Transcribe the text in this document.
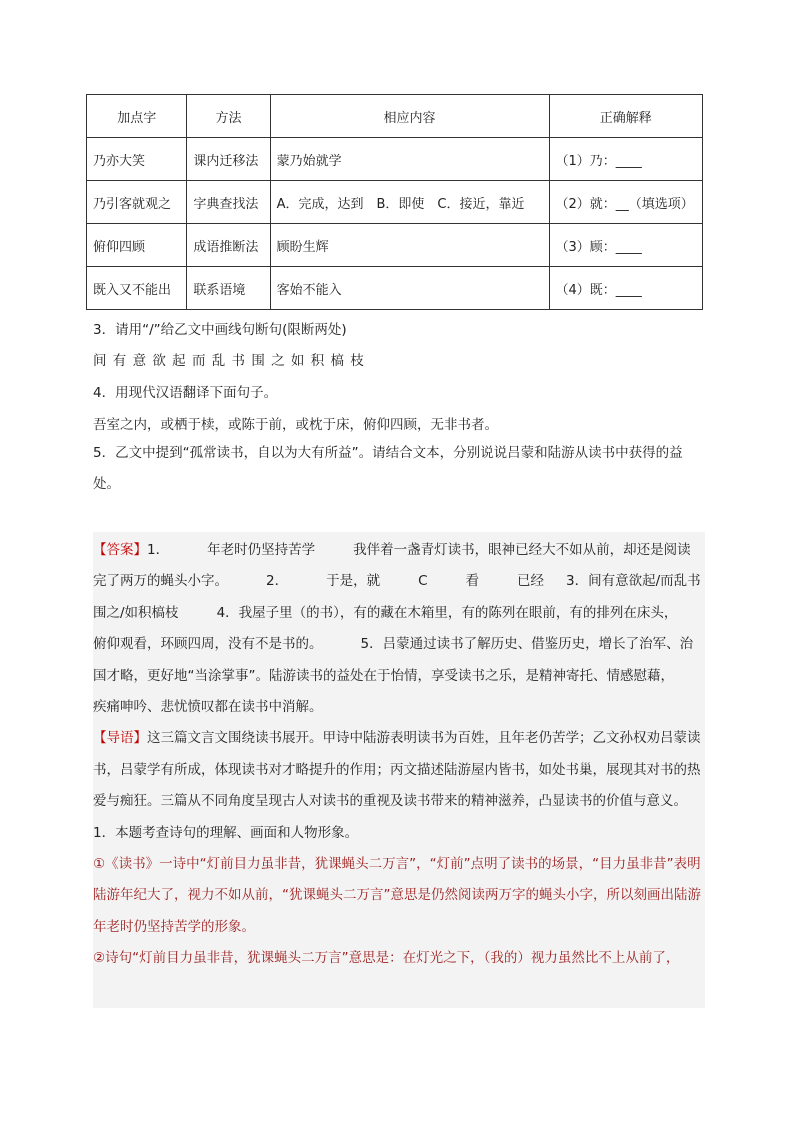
加点字	方法	相应内容	正确解释
乃亦大笑	课内迁移法	蒙乃始就学	（1）乃：____
乃引客就观之	字典查找法	A．完成，达到　B．即使　C．接近，靠近	（2）就：__（填选项）
俯仰四顾	成语推断法	顾盼生辉	（3）顾：____
既入又不能出	联系语境	客始不能入	（4）既：____
3．请用“/”给乙文中画线句断句(限断两处)
间 有 意 欲 起 而 乱 书 围 之 如 积 槁 枝
4．用现代汉语翻译下面句子。
吾室之内，或栖于椟，或陈于前，或枕于床，俯仰四顾，无非书者。
5．乙文中提到“孤常读书，自以为大有所益”。请结合文本，分别说说吕蒙和陆游从读书中获得的益处。
【答案】1．	年老时仍坚持苦学	我伴着一盏青灯读书，眼神已经大不如从前，却还是阅读
完了两万的蝇头小字。	2．	于是，就	C	看	已经 3．间有意欲起/而乱书
围之/如积槁枝	4．我屋子里（的书），有的藏在木箱里，有的陈列在眼前，有的排列在床头，
俯仰观看，环顾四周，没有不是书的。	5．吕蒙通过读书了解历史、借鉴历史，增长了治军、治
国才略，更好地“当涂掌事”。陆游读书的益处在于怡情，享受读书之乐，是精神寄托、情感慰藉，
疾痛呻吟、悲忧愤叹都在读书中消解。
【导语】这三篇文言文围绕读书展开。甲诗中陆游表明读书为百姓，且年老仍苦学；乙文孙权劝吕蒙读书，吕蒙学有所成，体现读书对才略提升的作用；丙文描述陆游屋内皆书，如处书巢，展现其对书的热爱与痴狂。三篇从不同角度呈现古人对读书的重视及读书带来的精神滋养，凸显读书的价值与意义。
1．本题考查诗句的理解、画面和人物形象。
①《读书》一诗中“灯前目力虽非昔，犹课蝇头二万言”，“灯前”点明了读书的场景，“目力虽非昔”表明陆游年纪大了，视力不如从前，“犹课蝇头二万言”意思是仍然阅读两万字的蝇头小字，所以刻画出陆游年老时仍坚持苦学的形象。
②诗句“灯前目力虽非昔，犹课蝇头二万言”意思是：在灯光之下，（我的）视力虽然比不上从前了，
